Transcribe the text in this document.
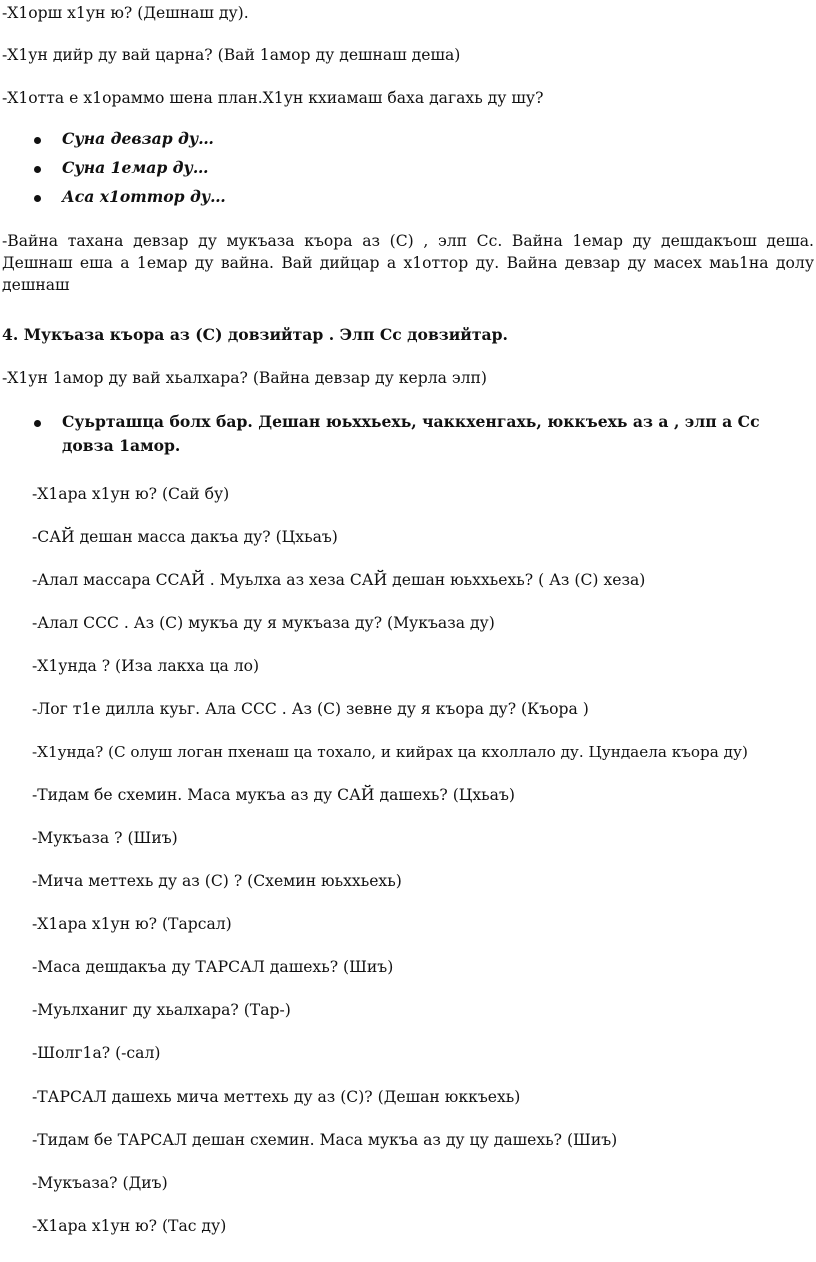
-Х1орш х1ун ю? (Дешнаш ду).
-Х1ун дийр ду вай царна? (Вай 1амор ду дешнаш деша)
-Х1отта е х1ораммо шена план.Х1ун кхиамаш баха дагахь ду шу?
Суна девзар ду…
Суна 1емар ду…
Аса х1оттор ду…
-Вайна тахана девзар ду мукъаза къора аз (С) , элп Сс. Вайна 1емар ду дешдакъош деша. Дешнаш еша а 1емар ду вайна. Вай дийцар а х1оттор ду. Вайна девзар ду масех маь1на долу дешнаш
4. Мукъаза къора аз (С) довзийтар . Элп Сс довзийтар.
-Х1ун 1амор ду вай хьалхара? (Вайна девзар ду керла элп)
Суьрташца болх бар. Дешан юьххьехь, чаккхенгахь, юккъехь аз а , элп а Сс довза 1амор.
-Х1ара х1ун ю? (Сай бу)
-САЙ дешан масса дакъа ду? (Цхьаъ)
-Алал массара ССАЙ . Муьлха аз хеза САЙ дешан юьххьехь? ( Аз (С) хеза)
-Алал ССС . Аз (С) мукъа ду я мукъаза ду? (Мукъаза ду)
-Х1унда ? (Иза лакха ца ло)
-Лог т1е дилла куьг. Ала ССС . Аз (С) зевне ду я къора ду? (Къора )
-Х1унда? (С олуш логан пхенаш ца тохало, и кийрах ца кхоллало ду. Цундаела къора ду)
-Тидам бе схемин. Маса мукъа аз ду САЙ дашехь? (Цхьаъ)
-Мукъаза ? (Шиъ)
-Мича меттехь ду аз (С) ? (Схемин юьххьехь)
-Х1ара х1ун ю? (Тарсал)
-Маса дешдакъа ду ТАРСАЛ дашехь? (Шиъ)
-Муьлханиг ду хьалхара? (Тар-)
-Шолг1а? (-сал)
-ТАРСАЛ дашехь мича меттехь ду аз (С)? (Дешан юккъехь)
-Тидам бе ТАРСАЛ дешан схемин. Маса мукъа аз ду цу дашехь? (Шиъ)
-Мукъаза? (Диъ)
-Х1ара х1ун ю? (Тас ду)
